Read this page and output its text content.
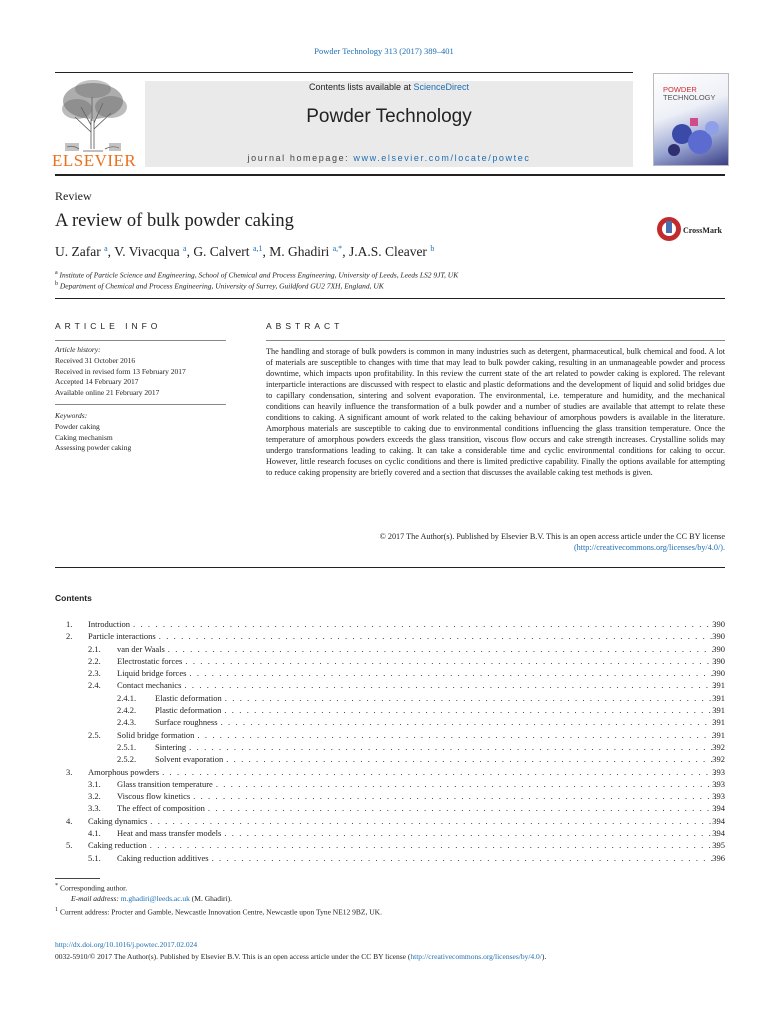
Powder Technology 313 (2017) 389–401
ELSEVIER
Contents lists available at ScienceDirect
Powder Technology
journal homepage: www.elsevier.com/locate/powtec
POWDER
TECHNOLOGY
Review
A review of bulk powder caking	CrossMark
U. Zafar $^a$, V. Vivacqua $^a$, G. Calvert $^{a,1}$, M. Ghadiri $^{a,*}$, J.A.S. Cleaver $^b$
$^a$ Institute of Particle Science and Engineering, School of Chemical and Process Engineering, University of Leeds, Leeds LS2 9JT, UK
$^b$ Department of Chemical and Process Engineering, University of Surrey, Guildford GU2 7XH, England, UK
ARTICLE INFO
Article history:
Received 31 October 2016
Received in revised form 13 February 2017
Accepted 14 February 2017
Available online 21 February 2017
Keywords:
Powder caking
Caking mechanism
Assessing powder caking
ABSTRACT
The handling and storage of bulk powders is common in many industries such as detergent, pharmaceutical, bulk chemical and food. A lot of materials are susceptible to changes with time that may lead to bulk powder caking, resulting in an unmanageable powder and process downtime, which impacts upon profitability. In this review the current state of the art related to powder caking is explored. The relevant interparticle interactions are discussed with respect to elastic and plastic deformations and the development of liquid and solid bridges due to capillary condensation, sintering and solvent evaporation. The environmental, i.e. temperature and humidity, and the mechanical conditions can heavily influence the transformation of a bulk powder and a number of studies are available that attempt to relate these conditions to caking. A significant amount of work related to the caking behaviour of amorphous powders is available in the literature. Amorphous materials are susceptible to caking due to environmental conditions influencing the glass transition temperature. Once the temperature of amorphous powders exceeds the glass transition, viscous flow occurs and cake strength increases. Crystalline solids may undergo transformations leading to caking. It can take a considerable time and cyclic environmental conditions for caking to occur. However, little research focuses on cyclic conditions and there is limited predictive capability. Finally the options available for attempting to reduce caking propensity are briefly covered and a section that discusses the available caking test methods is given.
© 2017 The Author(s). Published by Elsevier B.V. This is an open access article under the CC BY license
(http://creativecommons.org/licenses/by/4.0/).
Contents
1. Introduction . . .	390
2. Particle interactions . . .	390
2.1. van der Waals . . .	390
2.2. Electrostatic forces . . .	390
2.3. Liquid bridge forces . . .	390
2.4. Contact mechanics . . .	391
2.4.1. Elastic deformation . . .	391
2.4.2. Plastic deformation . . .	391
2.4.3. Surface roughness . . .	391
2.5. Solid bridge formation . . .	391
2.5.1. Sintering . . .	392
2.5.2. Solvent evaporation . . .	392
3. Amorphous powders . . .	393
3.1. Glass transition temperature . . .	393
3.2. Viscous flow kinetics . . .	393
3.3. The effect of composition . . .	394
4. Caking dynamics . . .	394
4.1. Heat and mass transfer models . . .	394
5. Caking reduction . . .	395
5.1. Caking reduction additives . . .	396
* Corresponding author.
E-mail address: m.ghadiri@leeds.ac.uk (M. Ghadiri).
$^1$ Current address: Procter and Gamble, Newcastle Innovation Centre, Newcastle upon Tyne NE12 9BZ, UK.
http://dx.doi.org/10.1016/j.powtec.2017.02.024
0032-5910/© 2017 The Author(s). Published by Elsevier B.V. This is an open access article under the CC BY license (http://creativecommons.org/licenses/by/4.0/).
